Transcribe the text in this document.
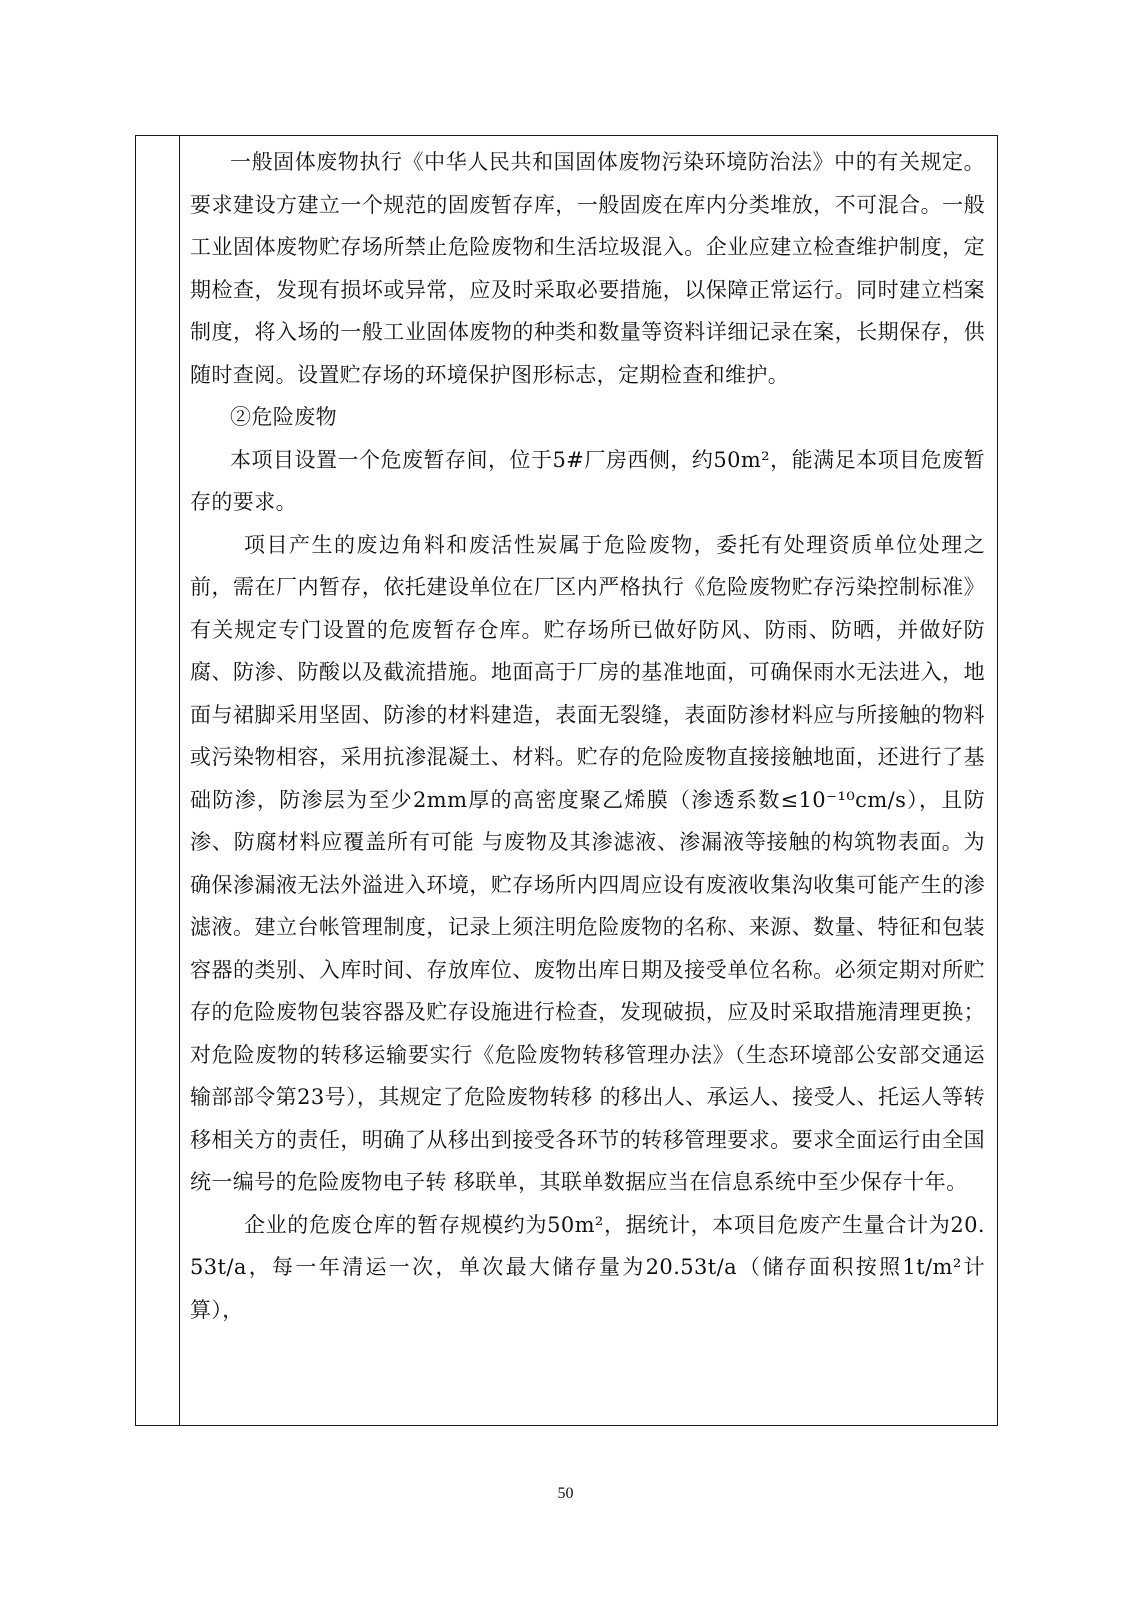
一般固体废物执行《中华人民共和国固体废物污染环境防治法》中的有关规定。要求建设方建立一个规范的固废暂存库，一般固废在库内分类堆放，不可混合。一般工业固体废物贮存场所禁止危险废物和生活垃圾混入。企业应建立检查维护制度，定期检查，发现有损坏或异常，应及时采取必要措施，以保障正常运行。同时建立档案制度，将入场的一般工业固体废物的种类和数量等资料详细记录在案，长期保存，供随时查阅。设置贮存场的环境保护图形标志，定期检查和维护。

②危险废物

本项目设置一个危废暂存间，位于5#厂房西侧，约50m²，能满足本项目危废暂存的要求。

项目产生的废边角料和废活性炭属于危险废物，委托有处理资质单位处理之前，需在厂内暂存，依托建设单位在厂区内严格执行《危险废物贮存污染控制标准》有关规定专门设置的危废暂存仓库。贮存场所已做好防风、防雨、防晒，并做好防腐、防渗、防酸以及截流措施。地面高于厂房的基准地面，可确保雨水无法进入，地面与裙脚采用坚固、防渗的材料建造，表面无裂缝，表面防渗材料应与所接触的物料或污染物相容，采用抗渗混凝土、材料。贮存的危险废物直接接触地面，还进行了基础防渗，防渗层为至少2mm厚的高密度聚乙烯膜（渗透系数≤10⁻¹⁰cm/s），且防渗、防腐材料应覆盖所有可能 与废物及其渗滤液、渗漏液等接触的构筑物表面。为确保渗漏液无法外溢进入环境，贮存场所内四周应设有废液收集沟收集可能产生的渗滤液。建立台帐管理制度，记录上须注明危险废物的名称、来源、数量、特征和包装容器的类别、入库时间、存放库位、废物出库日期及接受单位名称。必须定期对所贮存的危险废物包装容器及贮存设施进行检查，发现破损，应及时采取措施清理更换；对危险废物的转移运输要实行《危险废物转移管理办法》（生态环境部公安部交通运输部部令第23号），其规定了危险废物转移 的移出人、承运人、接受人、托运人等转移相关方的责任，明确了从移出到接受各环节的转移管理要求。要求全面运行由全国统一编号的危险废物电子转 移联单，其联单数据应当在信息系统中至少保存十年。

企业的危废仓库的暂存规模约为50m²，据统计，本项目危废产生量合计为20.53t/a，每一年清运一次，单次最大储存量为20.53t/a（储存面积按照1t/m²计算），

50
